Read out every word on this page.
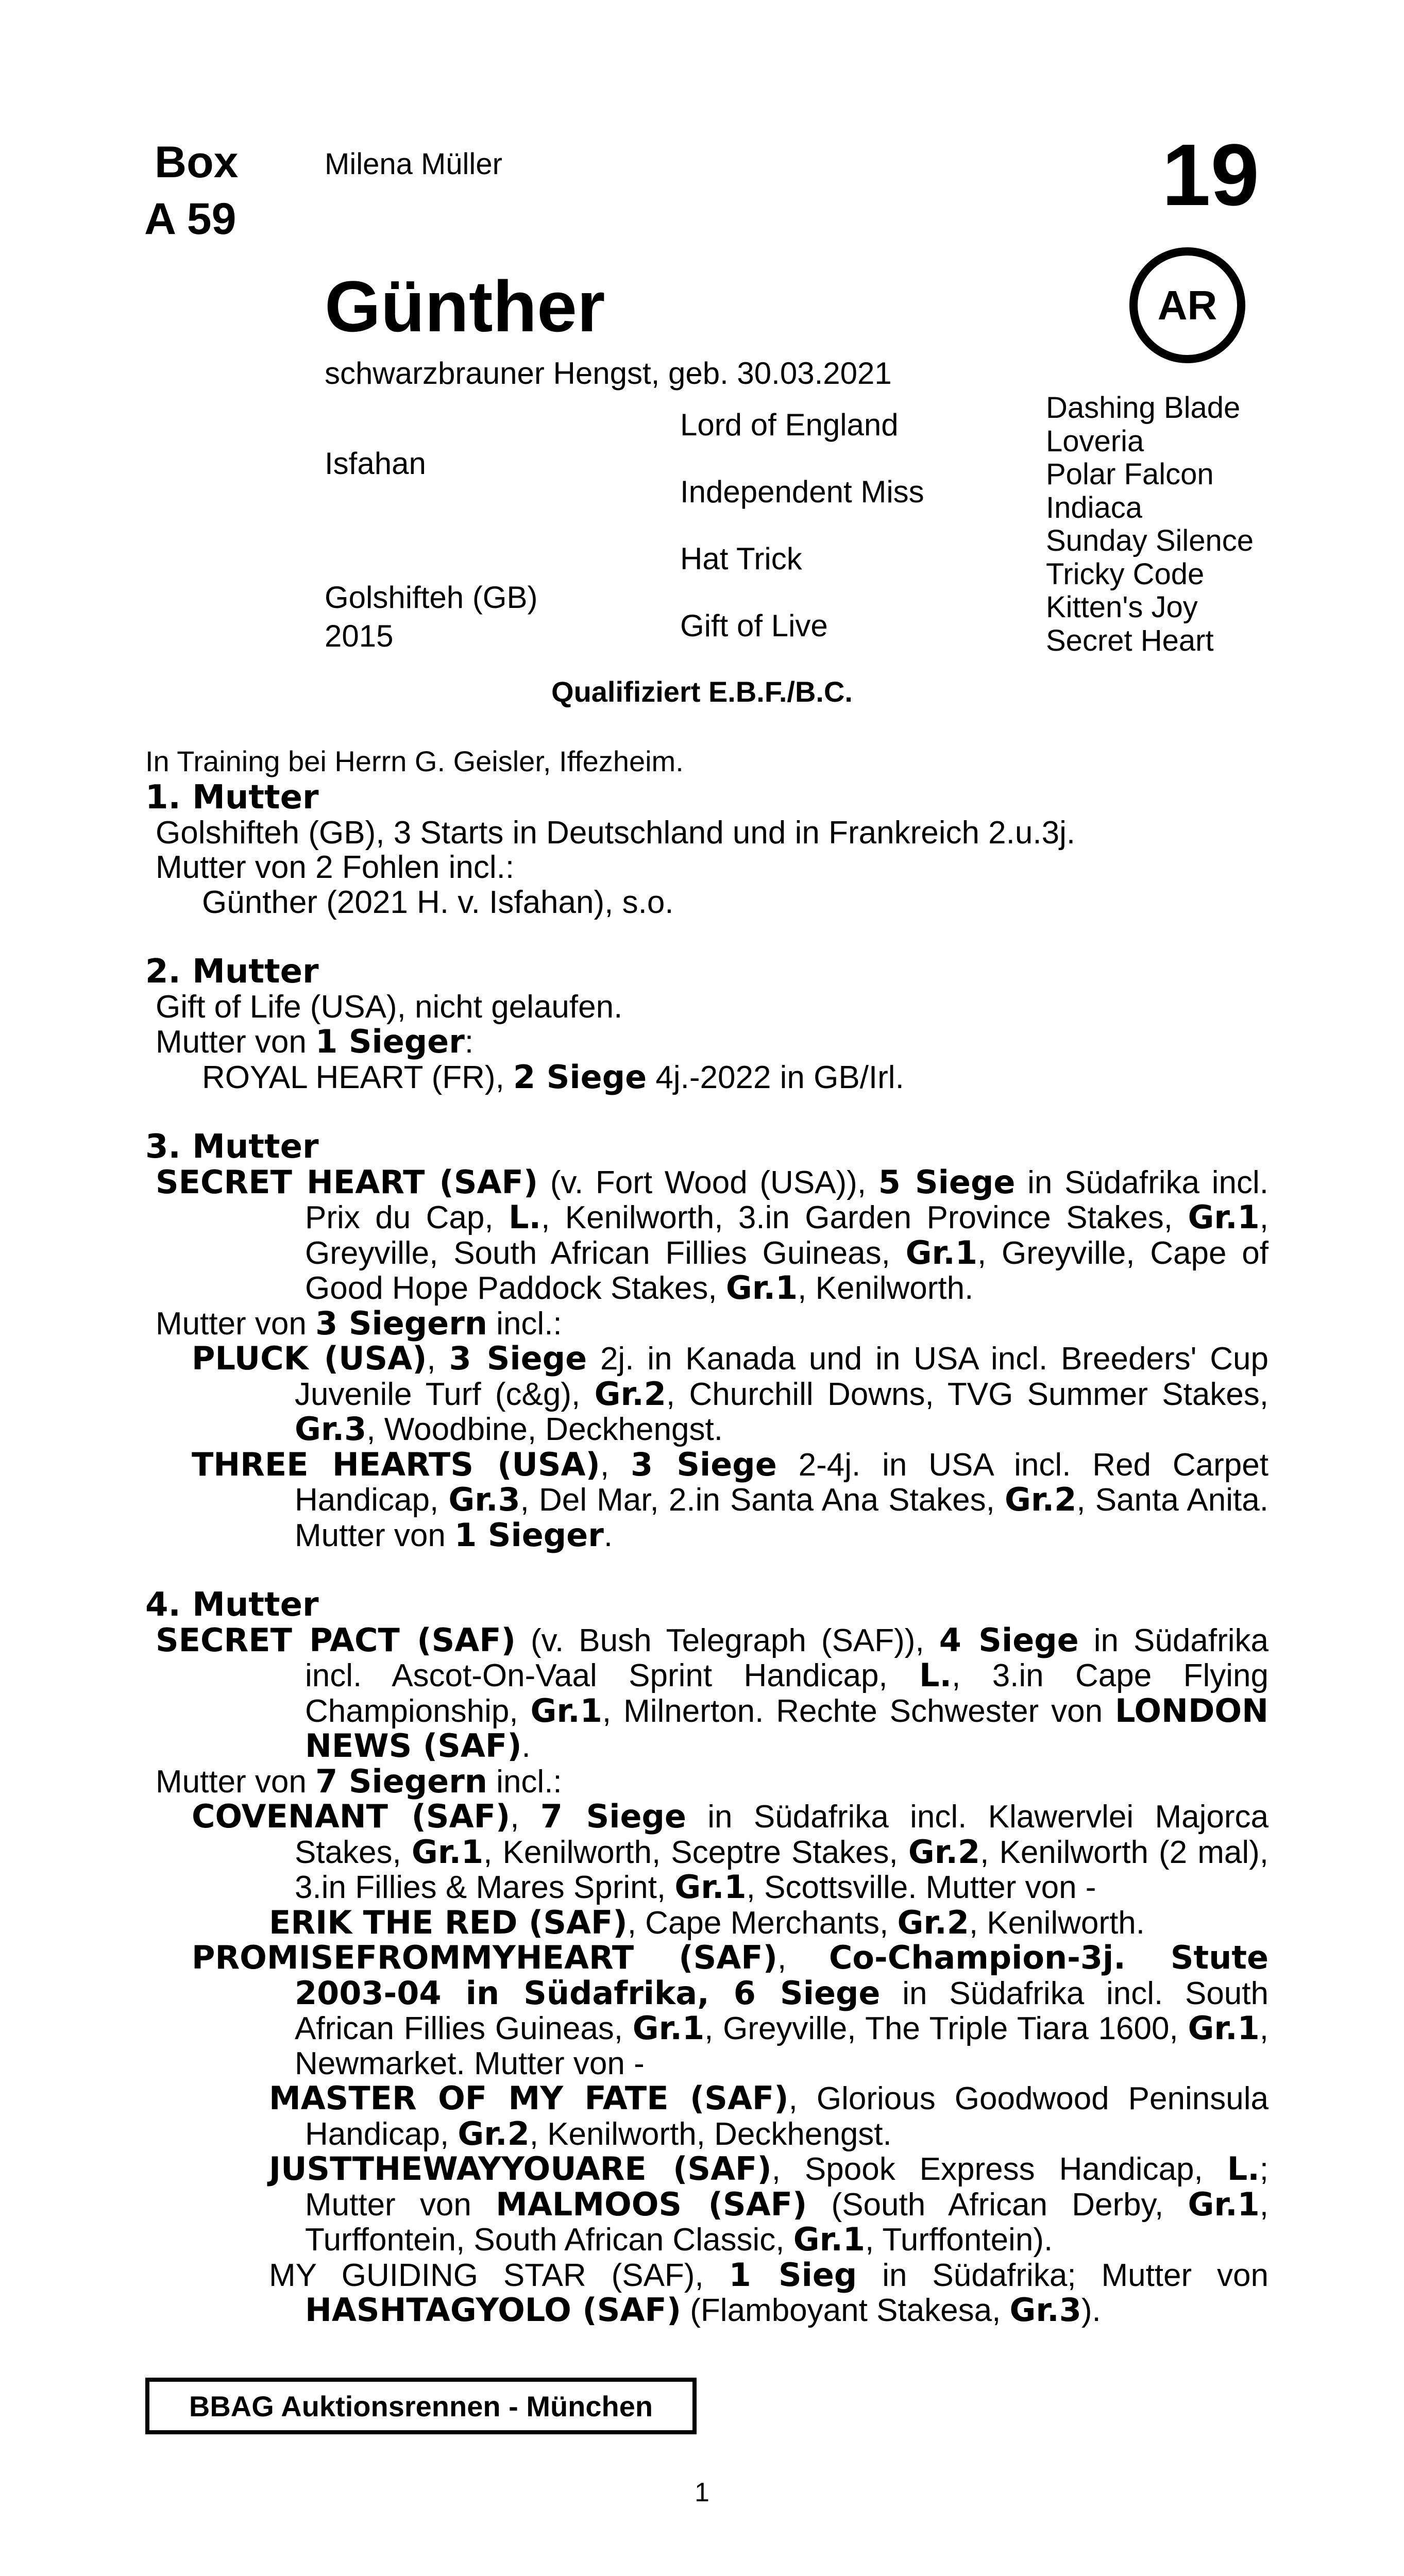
Box
A 59
Milena Müller	19
AR
Günther
schwarzbrauner Hengst, geb. 30.03.2021
Isfahan
Golshifteh (GB)
2015
Lord of England
Independent Miss
Hat Trick
Gift of Live
Dashing Blade
Loveria
Polar Falcon
Indiaca
Sunday Silence
Tricky Code
Kitten's Joy
Secret Heart
Qualifiziert E.B.F./B.C.
In Training bei Herrn G. Geisler, Iffezheim.
1. Mutter
Golshifteh (GB), 3 Starts in Deutschland und in Frankreich 2.u.3j.
Mutter von 2 Fohlen incl.:
Günther (2021 H. v. Isfahan), s.o.
2. Mutter
Gift of Life (USA), nicht gelaufen.
Mutter von 1 Sieger:
ROYAL HEART (FR), 2 Siege 4j.-2022 in GB/Irl.
3. Mutter
SECRET HEART (SAF) (v. Fort Wood (USA)), 5 Siege in Südafrika incl. Prix du Cap, L., Kenilworth, 3.in Garden Province Stakes, Gr.1, Greyville, South African Fillies Guineas, Gr.1, Greyville, Cape of Good Hope Paddock Stakes, Gr.1, Kenilworth.
Mutter von 3 Siegern incl.:
PLUCK (USA), 3 Siege 2j. in Kanada und in USA incl. Breeders' Cup Juvenile Turf (c&g), Gr.2, Churchill Downs, TVG Summer Stakes, Gr.3, Woodbine, Deckhengst.
THREE HEARTS (USA), 3 Siege 2-4j. in USA incl. Red Carpet Handicap, Gr.3, Del Mar, 2.in Santa Ana Stakes, Gr.2, Santa Anita. Mutter von 1 Sieger.
4. Mutter
SECRET PACT (SAF) (v. Bush Telegraph (SAF)), 4 Siege in Südafrika incl. Ascot-On-Vaal Sprint Handicap, L., 3.in Cape Flying Championship, Gr.1, Milnerton. Rechte Schwester von LONDON NEWS (SAF).
Mutter von 7 Siegern incl.:
COVENANT (SAF), 7 Siege in Südafrika incl. Klawervlei Majorca Stakes, Gr.1, Kenilworth, Sceptre Stakes, Gr.2, Kenilworth (2 mal), 3.in Fillies & Mares Sprint, Gr.1, Scottsville. Mutter von -
ERIK THE RED (SAF), Cape Merchants, Gr.2, Kenilworth.
PROMISEFROMMYHEART (SAF), Co-Champion-3j. Stute 2003-04 in Südafrika, 6 Siege in Südafrika incl. South African Fillies Guineas, Gr.1, Greyville, The Triple Tiara 1600, Gr.1, Newmarket. Mutter von -
MASTER OF MY FATE (SAF), Glorious Goodwood Peninsula Handicap, Gr.2, Kenilworth, Deckhengst.
JUSTTHEWAYYOUARE (SAF), Spook Express Handicap, L.; Mutter von MALMOOS (SAF) (South African Derby, Gr.1, Turffontein, South African Classic, Gr.1, Turffontein).
MY GUIDING STAR (SAF), 1 Sieg in Südafrika; Mutter von HASHTAGYOLO (SAF) (Flamboyant Stakesa, Gr.3).
BBAG Auktionsrennen - München
1
